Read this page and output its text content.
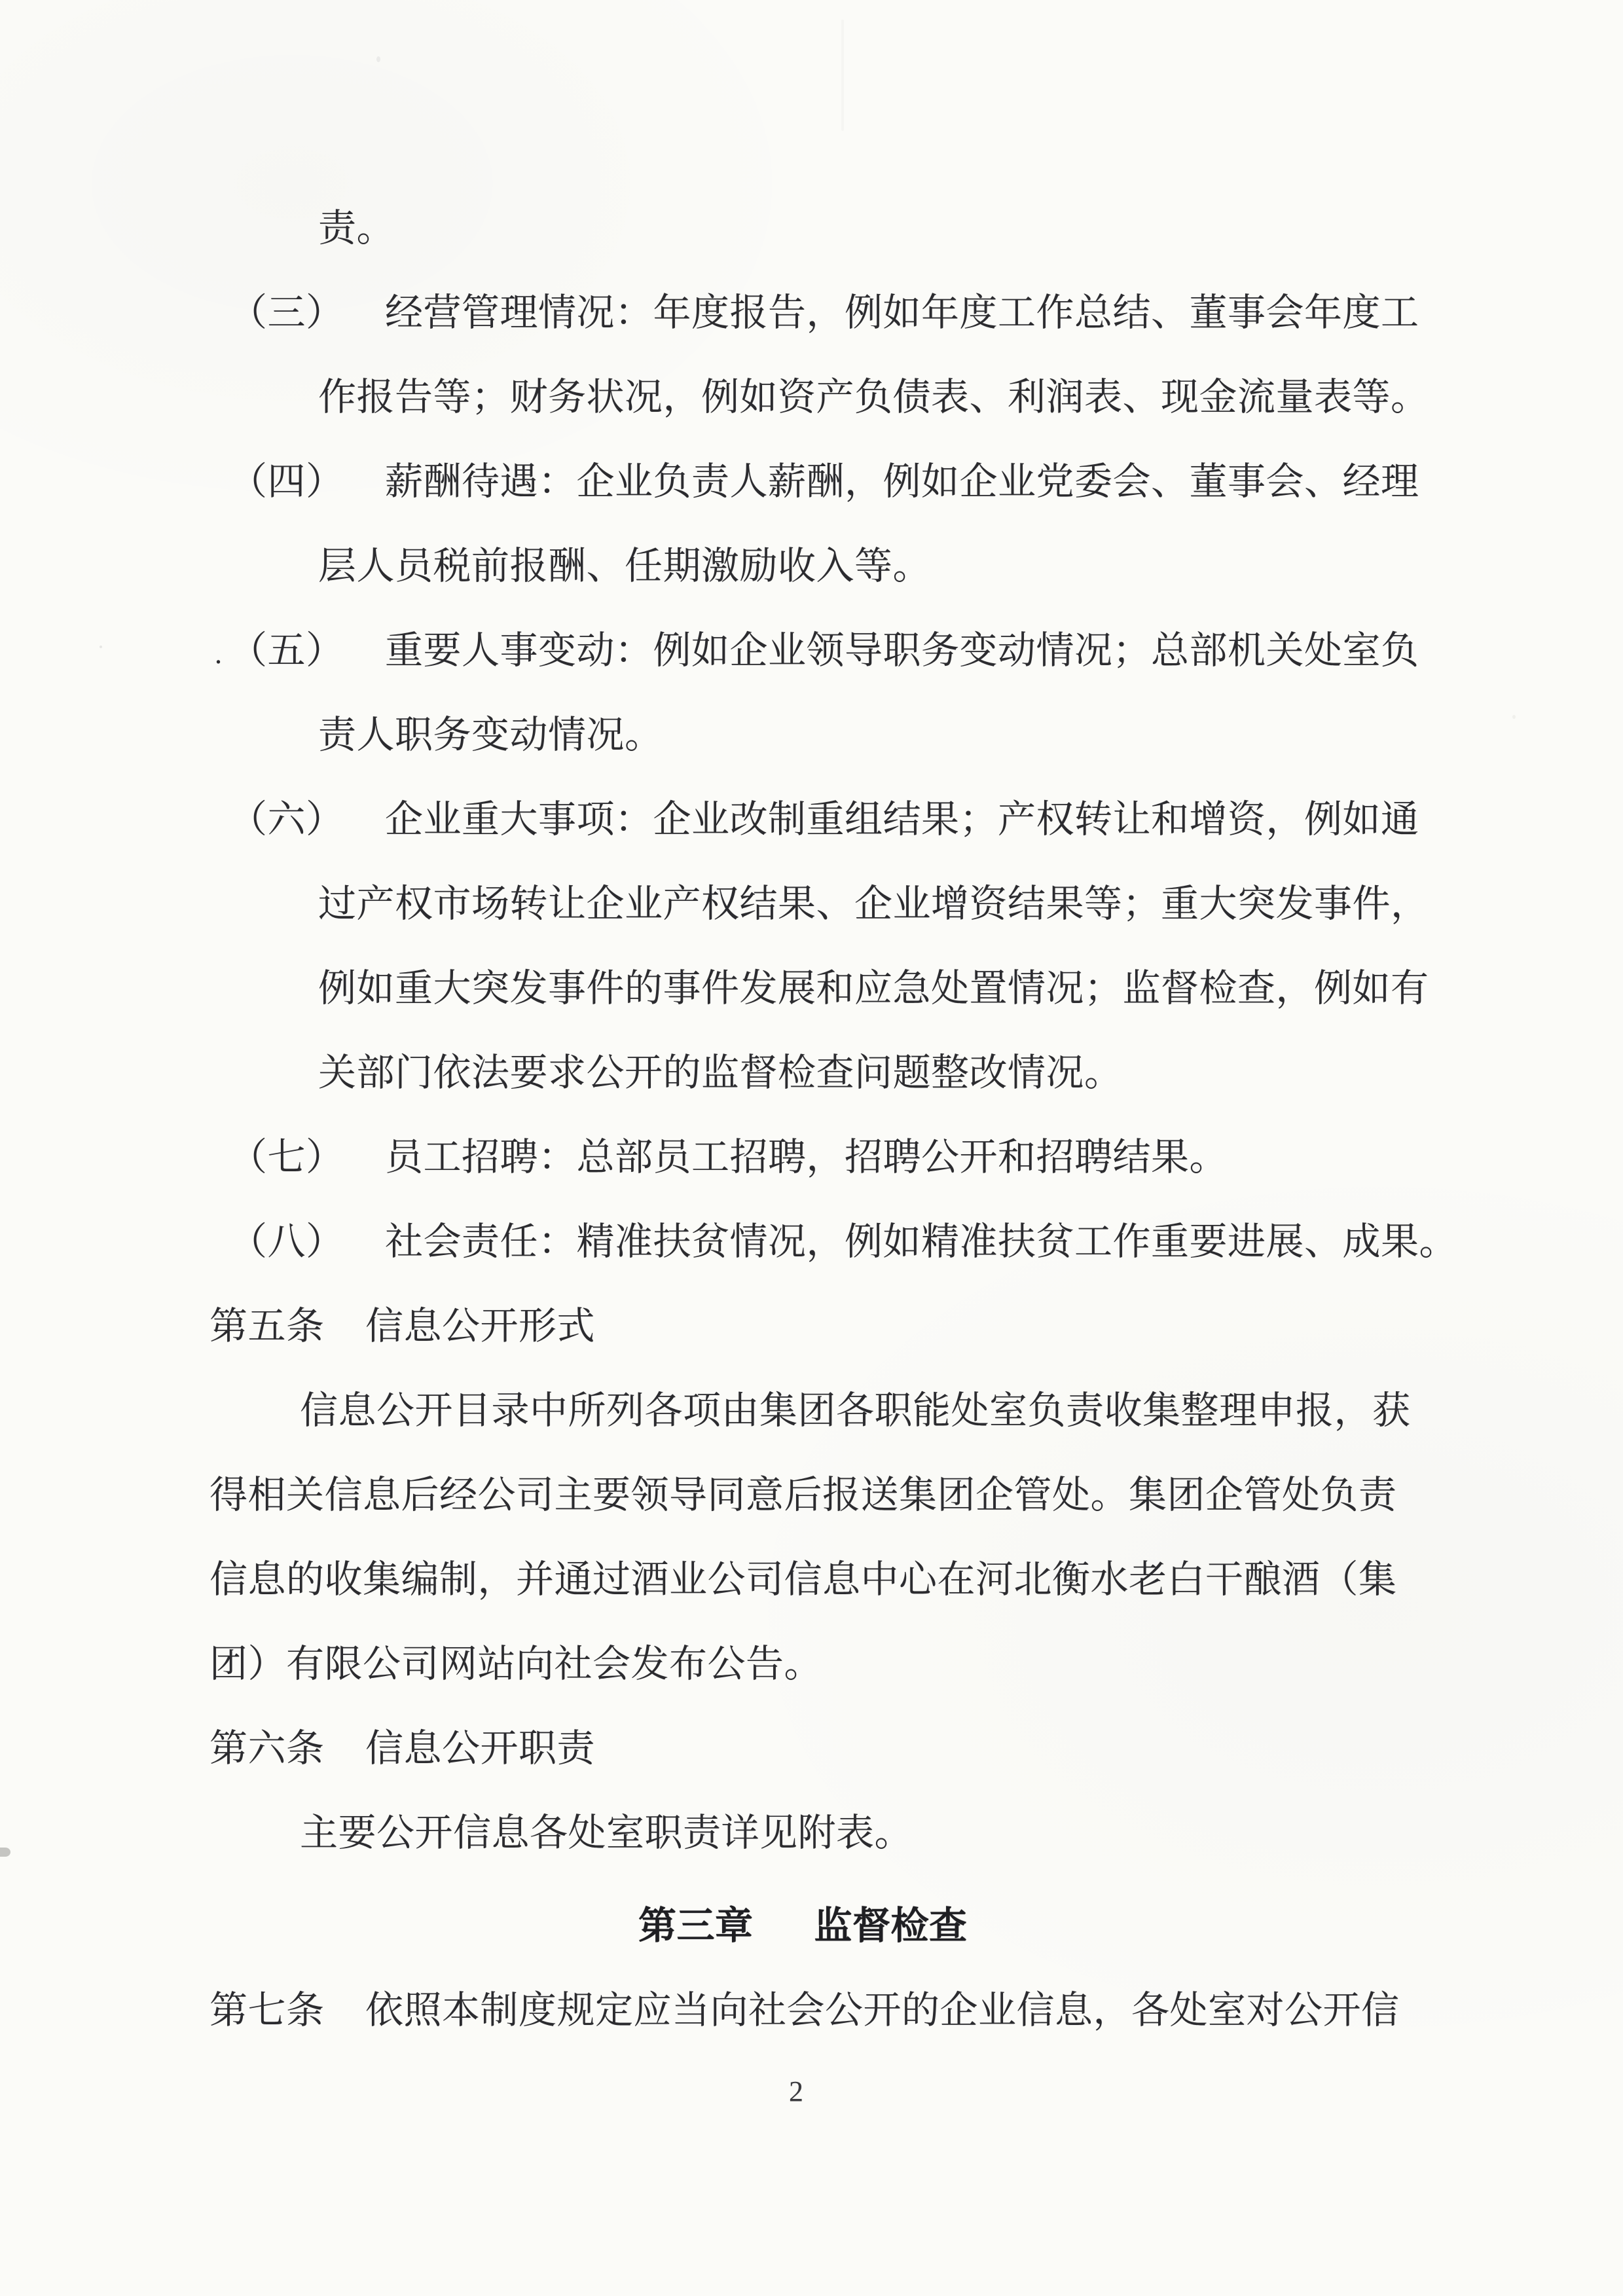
责。
（三） 经营管理情况：年度报告，例如年度工作总结、董事会年度工
作报告等；财务状况，例如资产负债表、利润表、现金流量表等。
（四） 薪酬待遇：企业负责人薪酬，例如企业党委会、董事会、经理
层人员税前报酬、任期激励收入等。
. （五） 重要人事变动：例如企业领导职务变动情况；总部机关处室负
责人职务变动情况。
（六） 企业重大事项：企业改制重组结果；产权转让和增资，例如通
过产权市场转让企业产权结果、企业增资结果等；重大突发事件，
例如重大突发事件的事件发展和应急处置情况；监督检查，例如有
关部门依法要求公开的监督检查问题整改情况。
（七） 员工招聘：总部员工招聘，招聘公开和招聘结果。
（八） 社会责任：精准扶贫情况，例如精准扶贫工作重要进展、成果。
第五条 信息公开形式
信息公开目录中所列各项由集团各职能处室负责收集整理申报，获
得相关信息后经公司主要领导同意后报送集团企管处。集团企管处负责
信息的收集编制，并通过酒业公司信息中心在河北衡水老白干酿酒（集
团）有限公司网站向社会发布公告。
第六条 信息公开职责
主要公开信息各处室职责详见附表。
第三章 监督检查
第七条 依照本制度规定应当向社会公开的企业信息，各处室对公开信
2
